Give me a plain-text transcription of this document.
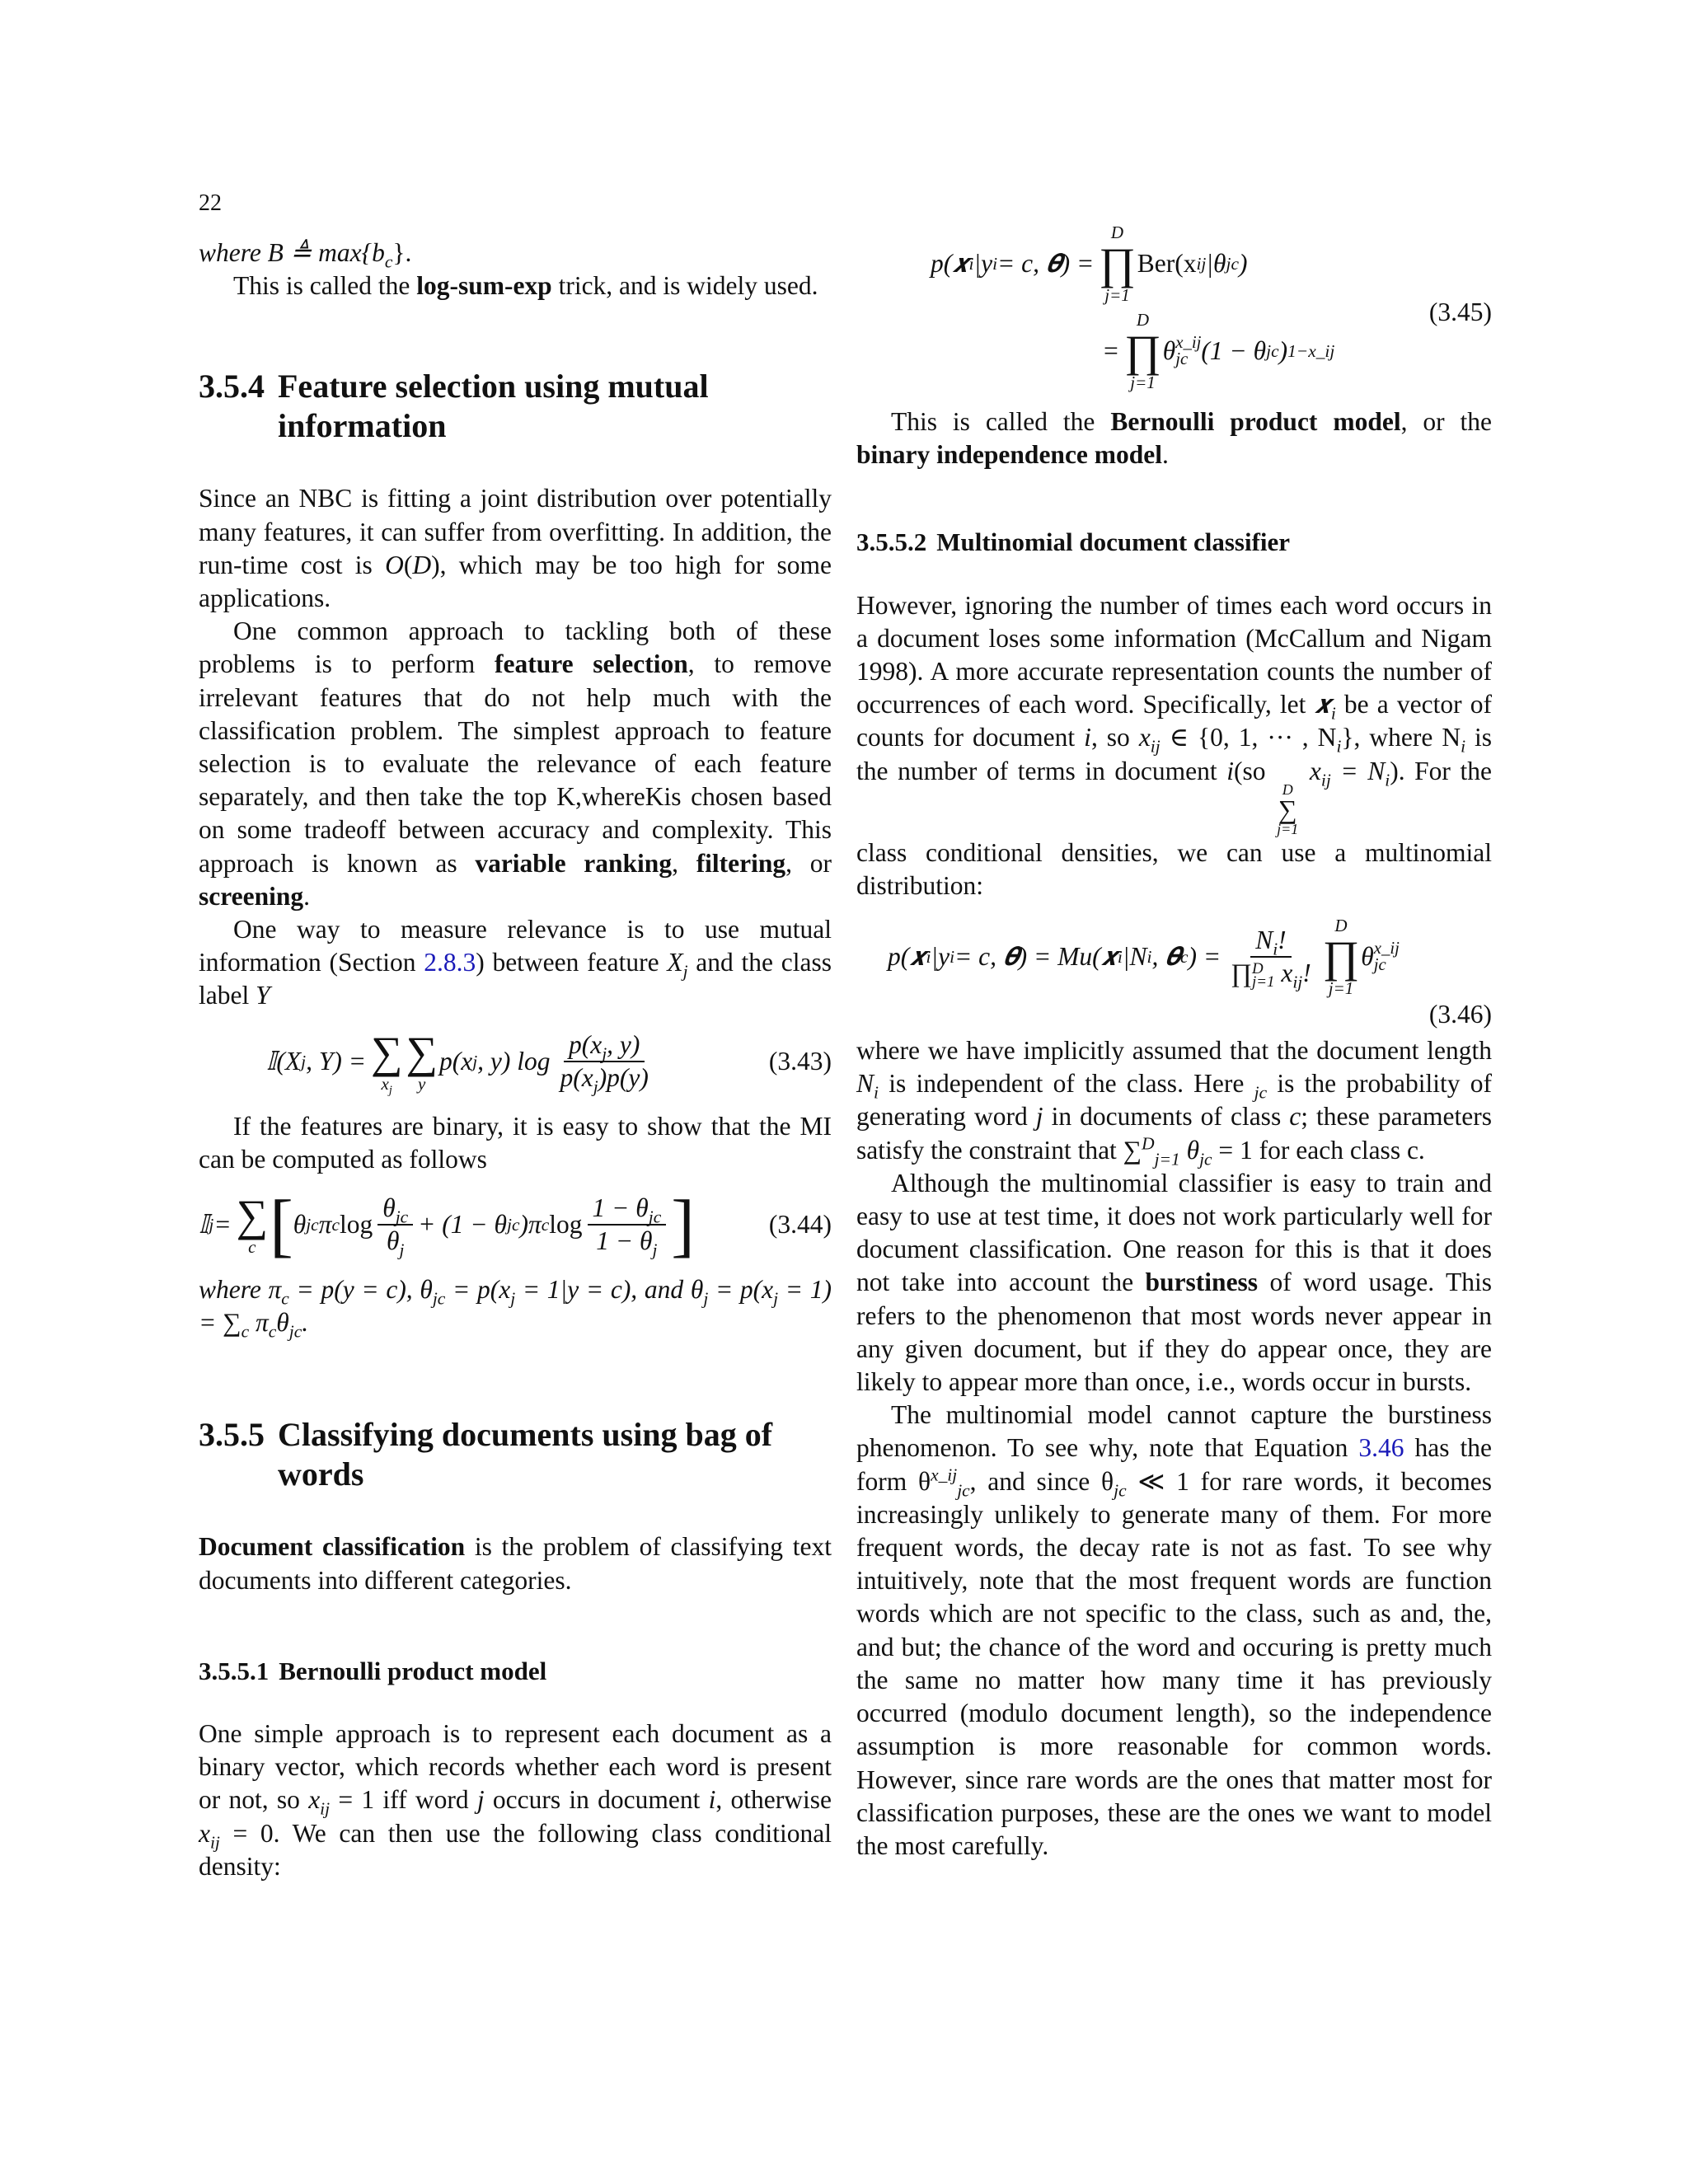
22

where B ≜ $\max\{b_c\}$.

This is called the log-sum-exp trick, and is widely used.

3.5.4 Feature selection using mutual information

Since an NBC is fitting a joint distribution over potentially many features, it can suffer from overfitting. In addition, the run-time cost is O(D), which may be too high for some applications.

One common approach to tackling both of these problems is to perform feature selection, to remove irrelevant features that do not help much with the classification problem. The simplest approach to feature selection is to evaluate the relevance of each feature separately, and then take the top K,whereKis chosen based on some tradeoff between accuracy and complexity. This approach is known as variable ranking, filtering, or screening.

One way to measure relevance is to use mutual information (Section 2.8.3) between feature $X_j$ and the class label Y

𝕀(X j , Y) = ∑
$x_j$
∑
y
p(x j , y) $\log \frac{p(x_j, y)}{p(x_j)p(y)}$	(3.43)

If the features are binary, it is easy to show that the MI can be computed as follows

𝕀 j = ∑
c [ θ jc π c $\log \frac{\theta_{jc}}{\theta_j} + (1 - \theta$ jc )π c $\log \frac{1 - \theta_{jc}}{1 - \theta_j}$ ]	(3.44)

where $\pi_c = p(y = c)$, $\theta_{jc} = p(x_j = 1|y = c)$, and $\theta_j = p(x_j = 1) = \sum_c$ $\pi_c\theta_{jc}$.

3.5.5 Classifying documents using bag of words

Document classification is the problem of classifying text documents into different categories.

3.5.5.1 Bernoulli product model

One simple approach is to represent each document as a binary vector, which records whether each word is present or not, so $x_{ij} = 1$ iff word j occurs in document i, otherwise $x_{ij} = 0$. We can then use the following class conditional density:

p(𝒙 i |y i = c, 𝜽) =
D
∏
j=1
Ber(x ij |θ jc )
=
D
∏
j=1
θ x_ij
jc (1 − θ jc ) 1−x_ij
(3.45)

This is called the Bernoulli product model, or the binary independence model.

3.5.5.2 Multinomial document classifier

However, ignoring the number of times each word occurs in a document loses some information (McCallum and Nigam 1998). A more accurate representation counts the number of occurrences of each word. Specifically, let 𝒙$_i$ be a vector of counts for document i, so $x_{ij}$ ∈ {0, 1, ··· , $N_i$}, where $N_i$ is the number of terms in document i(so
D
∑
j=1
$x_{ij} = N_i$). For the class conditional densities, we can use a multinomial distribution:

p(𝒙 i |y i = c, 𝜽) = Mu(𝒙 i |N i , 𝜽 c ) = $N_i$!
∏ D
j=1 $x_{ij}$! D
∏
j=1
θ x_ij
jc
(3.46)

where we have implicitly assumed that the document length $N_i$ is independent of the class. Here $_{jc}$ is the probability of generating word j in documents of class c; these parameters satisfy the constraint that ∑$^D_{j=1}$ $\theta_{jc} = 1$ for each class c.

Although the multinomial classifier is easy to train and easy to use at test time, it does not work particularly well for document classification. One reason for this is that it does not take into account the burstiness of word usage. This refers to the phenomenon that most words never appear in any given document, but if they do appear once, they are likely to appear more than once, i.e., words occur in bursts.

The multinomial model cannot capture the burstiness phenomenon. To see why, note that Equation 3.46 has the form $\theta^{x\_ij}_{jc}$, and since $\theta_{jc}$ ≪ 1 for rare words, it becomes increasingly unlikely to generate many of them. For more frequent words, the decay rate is not as fast. To see why intuitively, note that the most frequent words are function words which are not specific to the class, such as and, the, and but; the chance of the word and occuring is pretty much the same no matter how many time it has previously occurred (modulo document length), so the independence assumption is more reasonable for common words. However, since rare words are the ones that matter most for classification purposes, these are the ones we want to model the most carefully.
